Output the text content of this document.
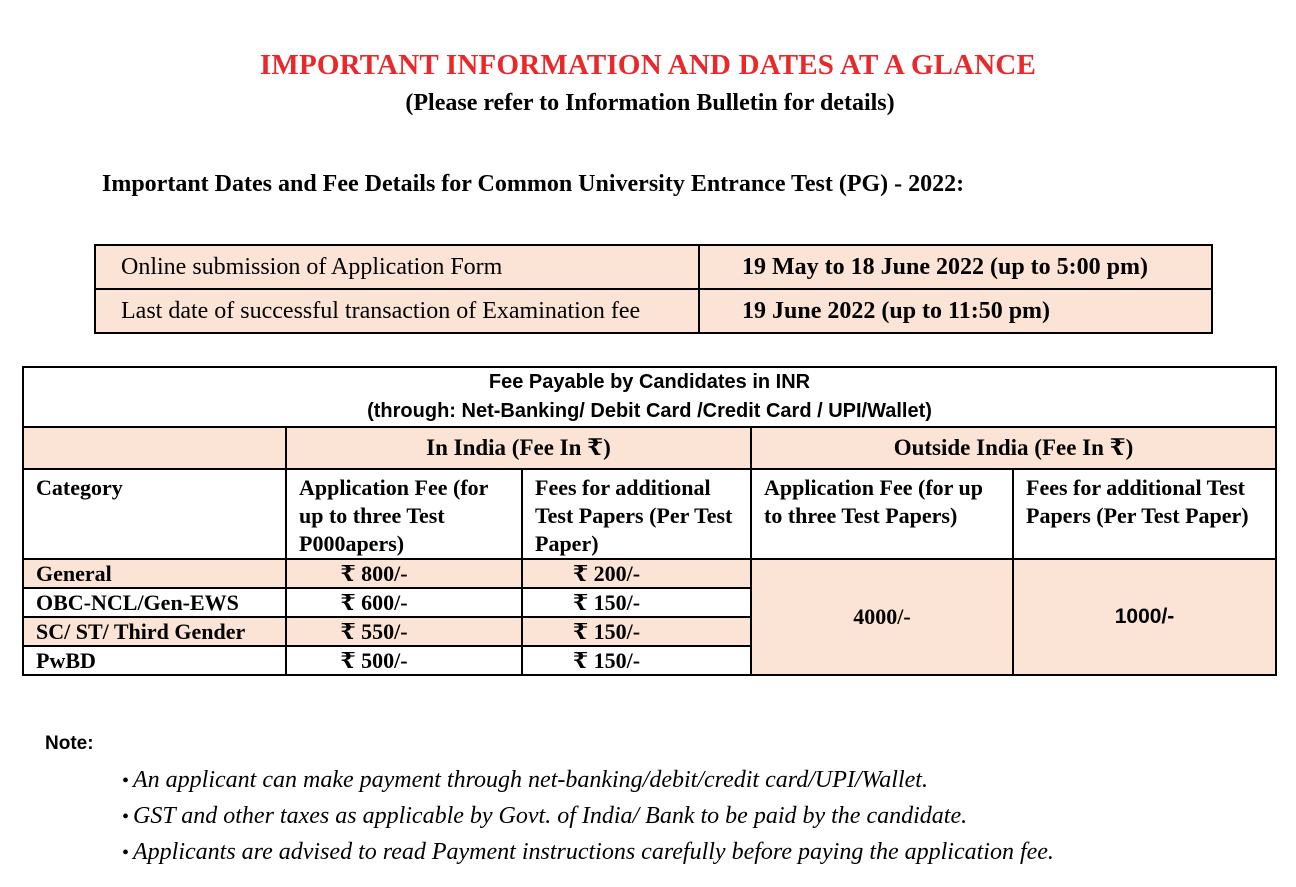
IMPORTANT INFORMATION AND DATES AT A GLANCE
(Please refer to Information Bulletin for details)
Important Dates and Fee Details for Common University Entrance Test (PG) - 2022:
Online submission of Application Form	19 May to 18 June 2022 (up to 5:00 pm)
Last date of successful transaction of Examination fee	19 June 2022 (up to 11:50 pm)
Fee Payable by Candidates in INR
(through: Net-Banking/ Debit Card /Credit Card / UPI/Wallet)				

	In India (Fee In ₹)		Outside India (Fee In ₹)	
Category	Application Fee (for up to three Test P000apers)	Fees for additional Test Papers (Per Test Paper)	Application Fee (for up to three Test Papers)	Fees for additional Test Papers (Per Test Paper)
General	₹ 800/-	₹ 200/-	4000/-	1000/-
OBC-NCL/Gen-EWS	₹ 600/-	₹ 150/-		
SC/ ST/ Third Gender	₹ 550/-	₹ 150/-		
PwBD	₹ 500/-	₹ 150/-		
Note:
• An applicant can make payment through net-banking/debit/credit card/UPI/Wallet.
• GST and other taxes as applicable by Govt. of India/ Bank to be paid by the candidate.
• Applicants are advised to read Payment instructions carefully before paying the application fee.
